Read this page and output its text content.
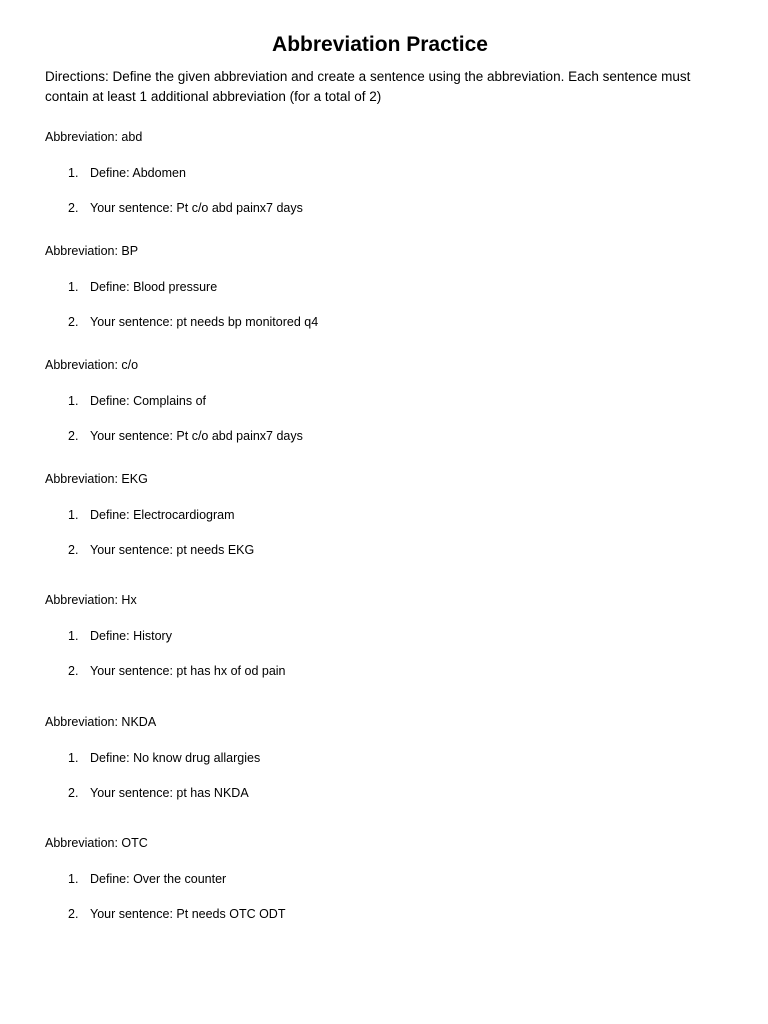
Abbreviation Practice
Directions: Define the given abbreviation and create a sentence using the abbreviation. Each sentence must contain at least 1 additional abbreviation (for a total of 2)
Abbreviation: abd
1. Define: Abdomen
2. Your sentence: Pt c/o abd painx7 days
Abbreviation: BP
1. Define: Blood pressure
2. Your sentence: pt needs bp monitored q4
Abbreviation: c/o
1. Define: Complains of
2. Your sentence: Pt c/o abd painx7 days
Abbreviation: EKG
1. Define: Electrocardiogram
2. Your sentence: pt needs EKG
Abbreviation: Hx
1. Define: History
2. Your sentence: pt has hx of od pain
Abbreviation: NKDA
1. Define: No know drug allargies
2. Your sentence: pt has NKDA
Abbreviation: OTC
1. Define: Over the counter
2. Your sentence: Pt needs OTC ODT
